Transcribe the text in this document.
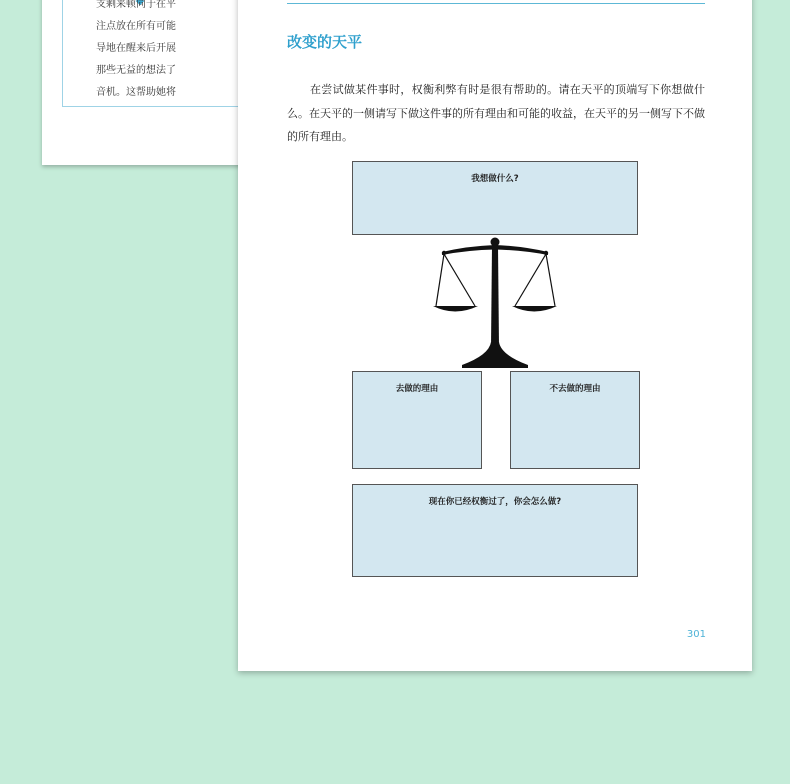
支剩来顿同于在平
注点放在所有可能
导地在醒来后开展
那些无益的想法了
音机。这帮助她将
改变的天平

在尝试做某件事时，权衡利弊有时是很有帮助的。请在天平的顶端写下你想做什么。在天平的一侧请写下做这件事的所有理由和可能的收益，在天平的另一侧写下不做的所有理由。

我想做什么?
去做的理由	不去做的理由
现在你已经权衡过了，你会怎么做?
301
